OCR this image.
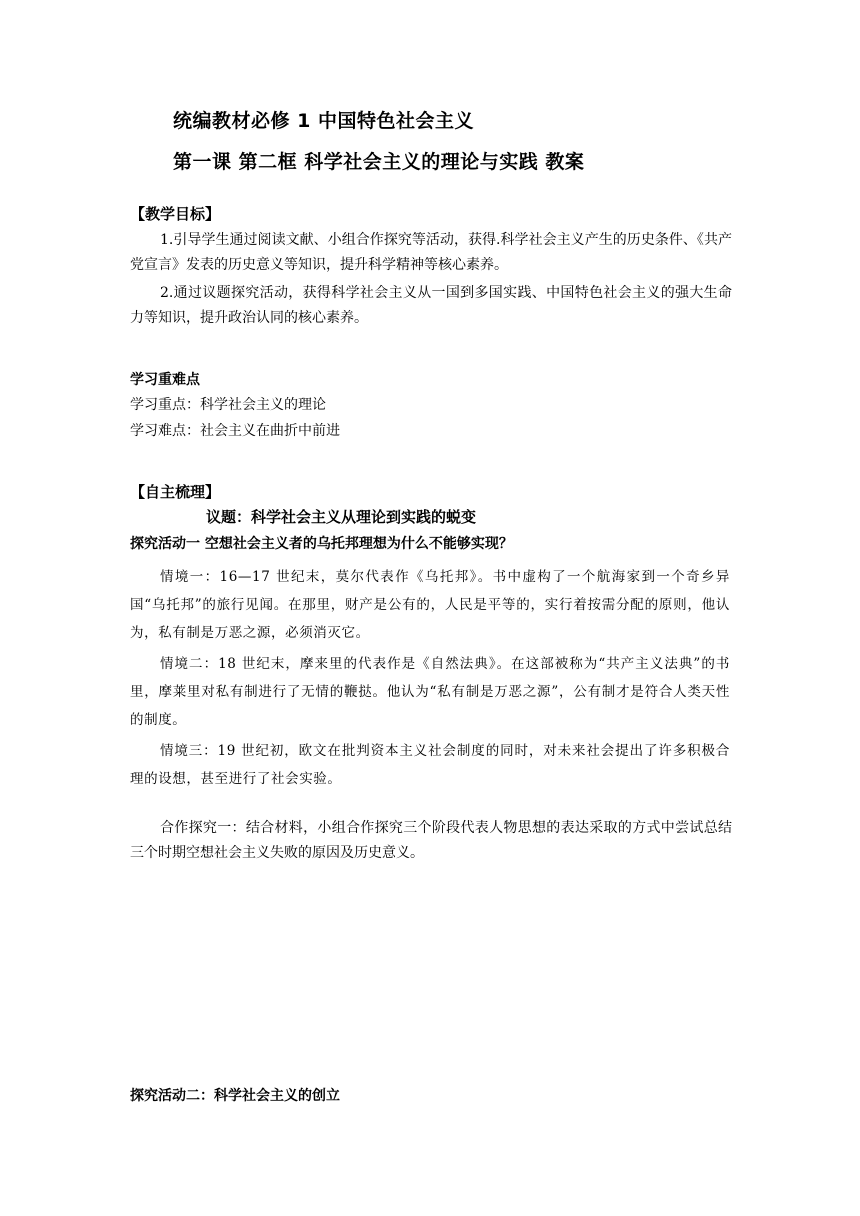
统编教材必修 1 中国特色社会主义
第一课 第二框 科学社会主义的理论与实践 教案
【教学目标】
1.引导学生通过阅读文献、小组合作探究等活动，获得.科学社会主义产生的历史条件、《共产党宣言》发表的历史意义等知识，提升科学精神等核心素养。
2.通过议题探究活动，获得科学社会主义从一国到多国实践、中国特色社会主义的强大生命力等知识，提升政治认同的核心素养。
学习重难点
学习重点：科学社会主义的理论
学习难点：社会主义在曲折中前进
【自主梳理】
议题：科学社会主义从理论到实践的蜕变
探究活动一 空想社会主义者的乌托邦理想为什么不能够实现？
情境一：16—17 世纪末，莫尔代表作《乌托邦》。书中虚构了一个航海家到一个奇乡异国“乌托邦”的旅行见闻。在那里，财产是公有的，人民是平等的，实行着按需分配的原则，他认为，私有制是万恶之源，必须消灭它。
情境二：18 世纪末，摩来里的代表作是《自然法典》。在这部被称为“共产主义法典”的书里，摩莱里对私有制进行了无情的鞭挞。他认为“私有制是万恶之源”，公有制才是符合人类天性的制度。
情境三：19 世纪初，欧文在批判资本主义社会制度的同时，对未来社会提出了许多积极合理的设想，甚至进行了社会实验。
合作探究一：结合材料，小组合作探究三个阶段代表人物思想的表达采取的方式中尝试总结三个时期空想社会主义失败的原因及历史意义。
探究活动二：科学社会主义的创立
